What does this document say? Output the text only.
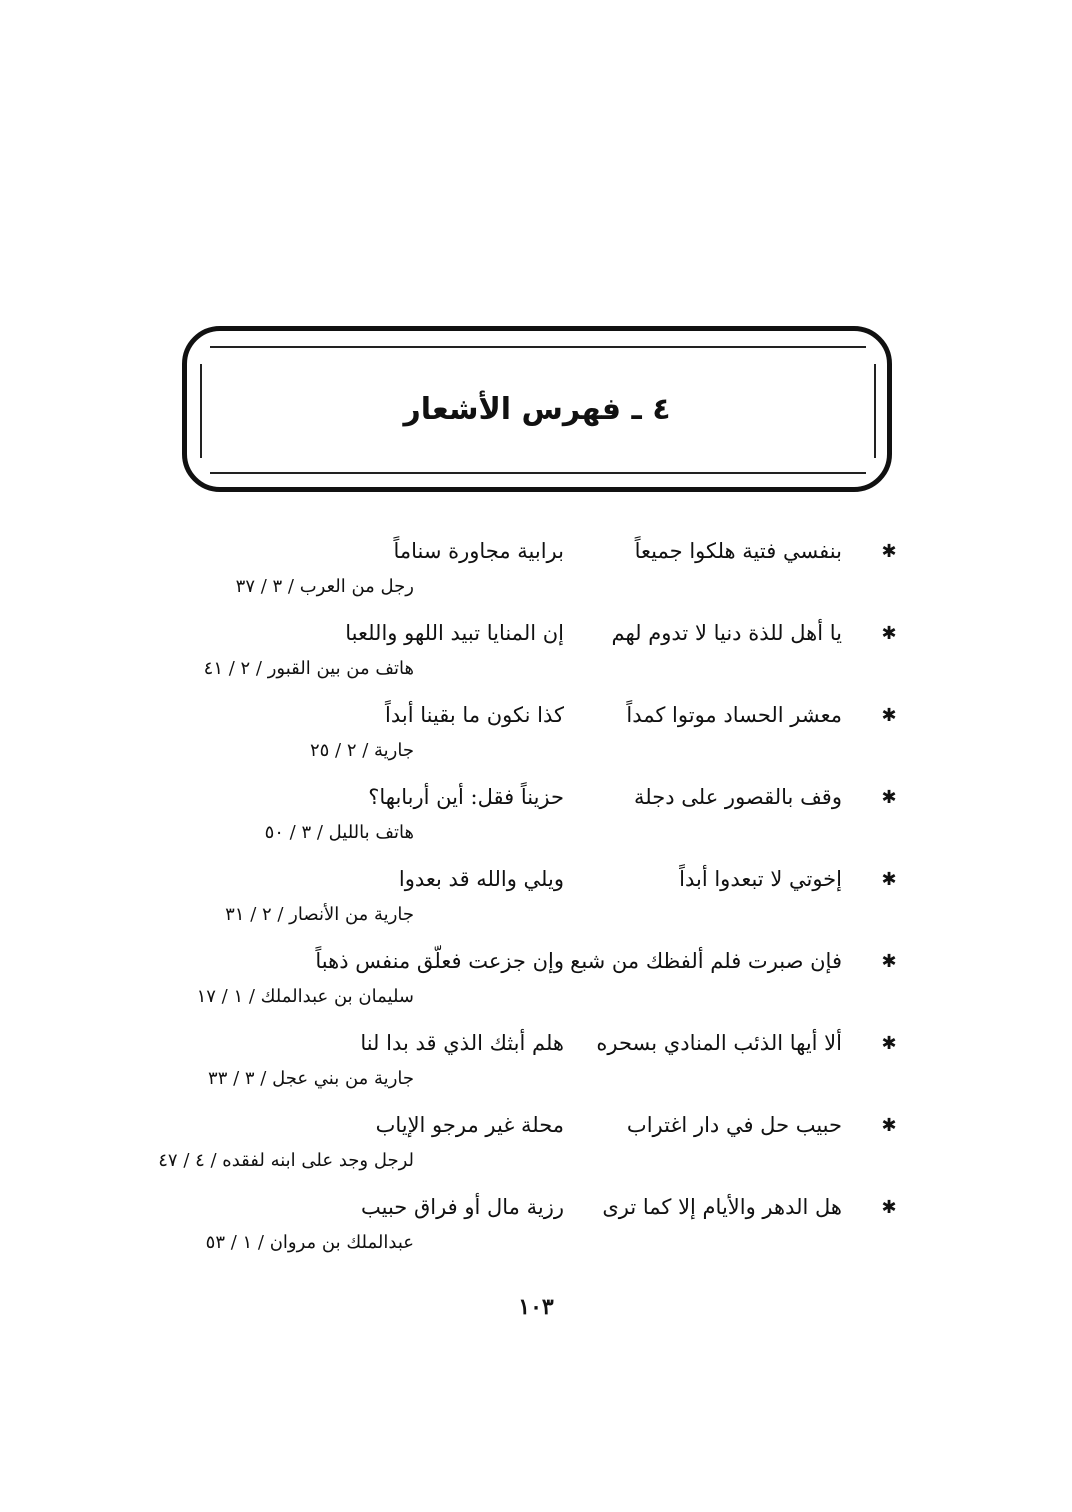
٤ ـ فهرس الأشعار
✱
بنفسي فتية هلكوا جميعاً
برابية مجاورة سناماً
رجل من العرب / ٣ / ٣٧
✱
يا أهل للذة دنيا لا تدوم لهم
إن المنايا تبيد اللهو واللعبا
هاتف من بين القبور / ٢ / ٤١
✱
معشر الحساد موتوا كمداً
كذا نكون ما بقينا أبداً
جارية / ٢ / ٢٥
✱
وقف بالقصور على دجلة
حزيناً فقل: أين أربابها؟
هاتف بالليل / ٣ / ٥٠
✱
إخوتي لا تبعدوا أبداً
ويلي والله قد بعدوا
جارية من الأنصار / ٢ / ٣١
✱
فإن صبرت فلم ألفظك من شبع
وإن جزعت فعلّق منفس ذهباً
سليمان بن عبدالملك / ١ / ١٧
✱
ألا أيها الذئب المنادي بسحره
هلم أبثك الذي قد بدا لنا
جارية من بني عجل / ٣ / ٣٣
✱
حبيب حل في دار اغتراب
محلة غير مرجو الإياب
لرجل وجد على ابنه لفقده / ٤ / ٤٧
✱
هل الدهر والأيام إلا كما ترى
رزية مال أو فراق حبيب
عبدالملك بن مروان / ١ / ٥٣
١٠٣
